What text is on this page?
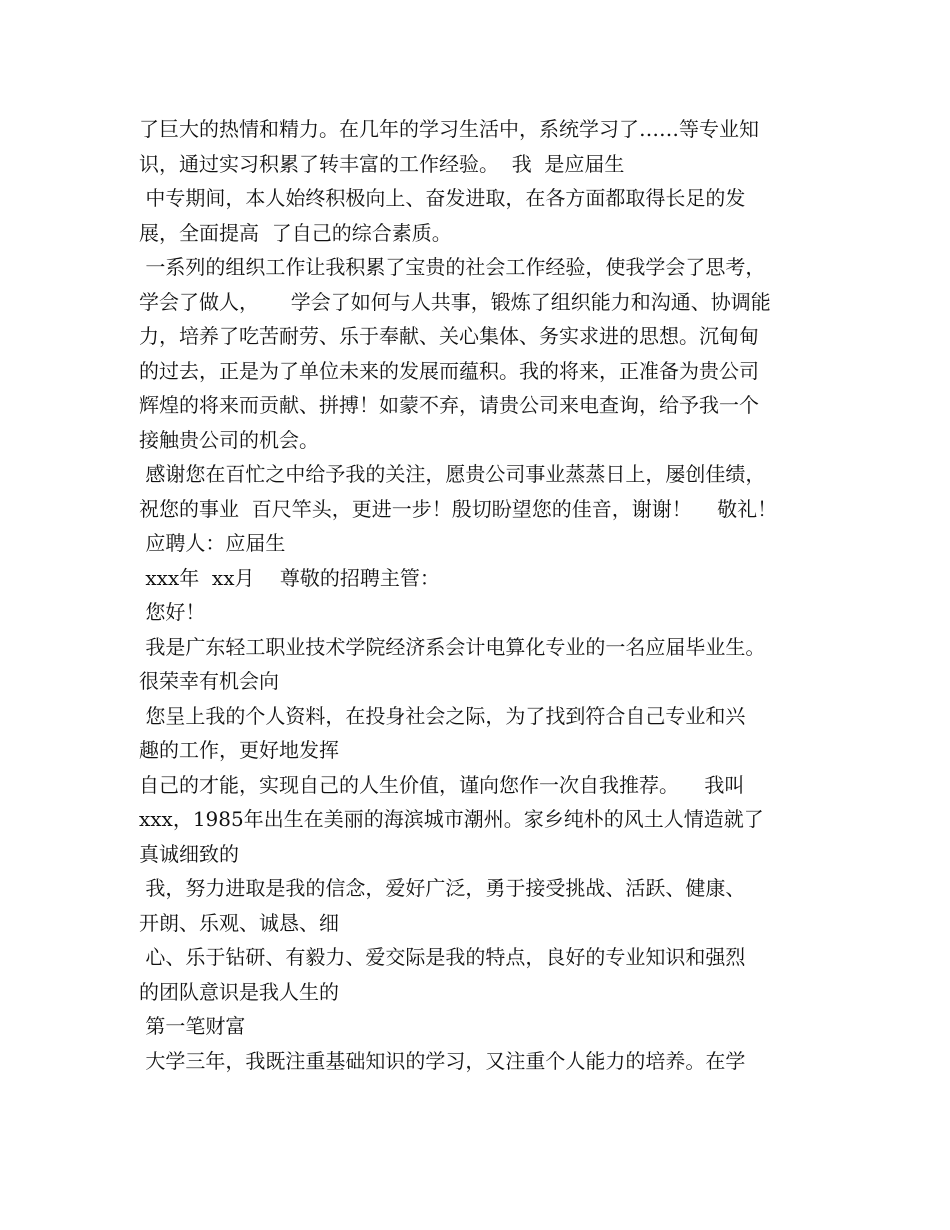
了巨大的热情和精力。在几年的学习生活中，系统学习了……等专业知
识，通过实习积累了转丰富的工作经验。  我  是应届生
中专期间，本人始终积极向上、奋发进取，在各方面都取得长足的发
展，全面提高  了自己的综合素质。
一系列的组织工作让我积累了宝贵的社会工作经验，使我学会了思考，
学会了做人，     学会了如何与人共事，锻炼了组织能力和沟通、协调能
力，培养了吃苦耐劳、乐于奉献、关心集体、务实求进的思想。沉甸甸
的过去，正是为了单位未来的发展而蕴积。我的将来，正准备为贵公司
辉煌的将来而贡献、拼搏！如蒙不弃，请贵公司来电查询，给予我一个
接触贵公司的机会。
感谢您在百忙之中给予我的关注，愿贵公司事业蒸蒸日上，屡创佳绩，
祝您的事业  百尺竿头，更进一步！殷切盼望您的佳音，谢谢！    敬礼！
应聘人：应届生
xxx年  xx月    尊敬的招聘主管：
您好！
我是广东轻工职业技术学院经济系会计电算化专业的一名应届毕业生。
很荣幸有机会向
您呈上我的个人资料，在投身社会之际，为了找到符合自己专业和兴
趣的工作，更好地发挥
自己的才能，实现自己的人生价值，谨向您作一次自我推荐。    我叫
xxx，1985年出生在美丽的海滨城市潮州。家乡纯朴的风土人情造就了
真诚细致的
我，努力进取是我的信念，爱好广泛，勇于接受挑战、活跃、健康、
开朗、乐观、诚恳、细
心、乐于钻研、有毅力、爱交际是我的特点，良好的专业知识和强烈
的团队意识是我人生的
第一笔财富
大学三年，我既注重基础知识的学习，又注重个人能力的培养。在学
